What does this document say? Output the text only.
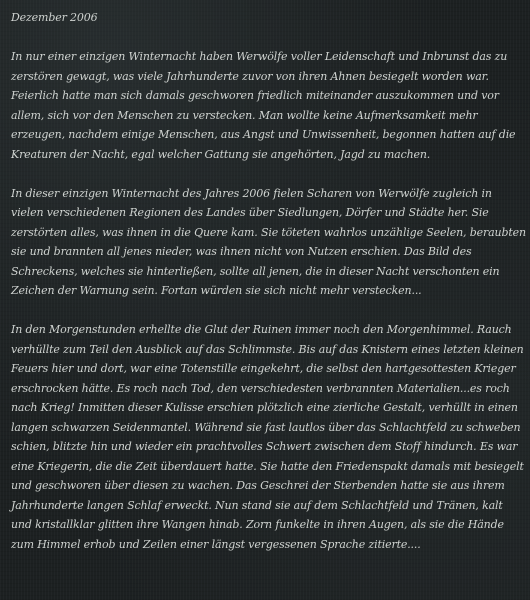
Dezember 2006

In nur einer einzigen Winternacht haben Werwölfe voller Leidenschaft und Inbrunst das zu zerstören gewagt, was viele Jahrhunderte zuvor von ihren Ahnen besiegelt worden war. Feierlich hatte man sich damals geschworen friedlich miteinander auszukommen und vor allem, sich vor den Menschen zu verstecken. Man wollte keine Aufmerksamkeit mehr erzeugen, nachdem einige Menschen, aus Angst und Unwissenheit, begonnen hatten auf die Kreaturen der Nacht, egal welcher Gattung sie angehörten, Jagd zu machen.

In dieser einzigen Winternacht des Jahres 2006 fielen Scharen von Werwölfe zugleich in vielen verschiedenen Regionen des Landes über Siedlungen, Dörfer und Städte her. Sie zerstörten alles, was ihnen in die Quere kam. Sie töteten wahrlos unzählige Seelen, beraubten sie und brannten all jenes nieder, was ihnen nicht von Nutzen erschien. Das Bild des Schreckens, welches sie hinterließen, sollte all jenen, die in dieser Nacht verschonten ein Zeichen der Warnung sein. Fortan würden sie sich nicht mehr verstecken...

In den Morgenstunden erhellte die Glut der Ruinen immer noch den Morgenhimmel. Rauch verhüllte zum Teil den Ausblick auf das Schlimmste. Bis auf das Knistern eines letzten kleinen Feuers hier und dort, war eine Totenstille eingekehrt, die selbst den hartgesottesten Krieger erschrocken hätte. Es roch nach Tod, den verschiedesten verbrannten Materialien...es roch nach Krieg! Inmitten dieser Kulisse erschien plötzlich eine zierliche Gestalt, verhüllt in einen langen schwarzen Seidenmantel. Während sie fast lautlos über das Schlachtfeld zu schweben schien, blitzte hin und wieder ein prachtvolles Schwert zwischen dem Stoff hindurch. Es war eine Kriegerin, die die Zeit überdauert hatte. Sie hatte den Friedenspakt damals mit besiegelt und geschworen über diesen zu wachen. Das Geschrei der Sterbenden hatte sie aus ihrem Jahrhunderte langen Schlaf erweckt. Nun stand sie auf dem Schlachtfeld und Tränen, kalt und kristallklar glitten ihre Wangen hinab. Zorn funkelte in ihren Augen, als sie die Hände zum Himmel erhob und Zeilen einer längst vergessenen Sprache zitierte....
